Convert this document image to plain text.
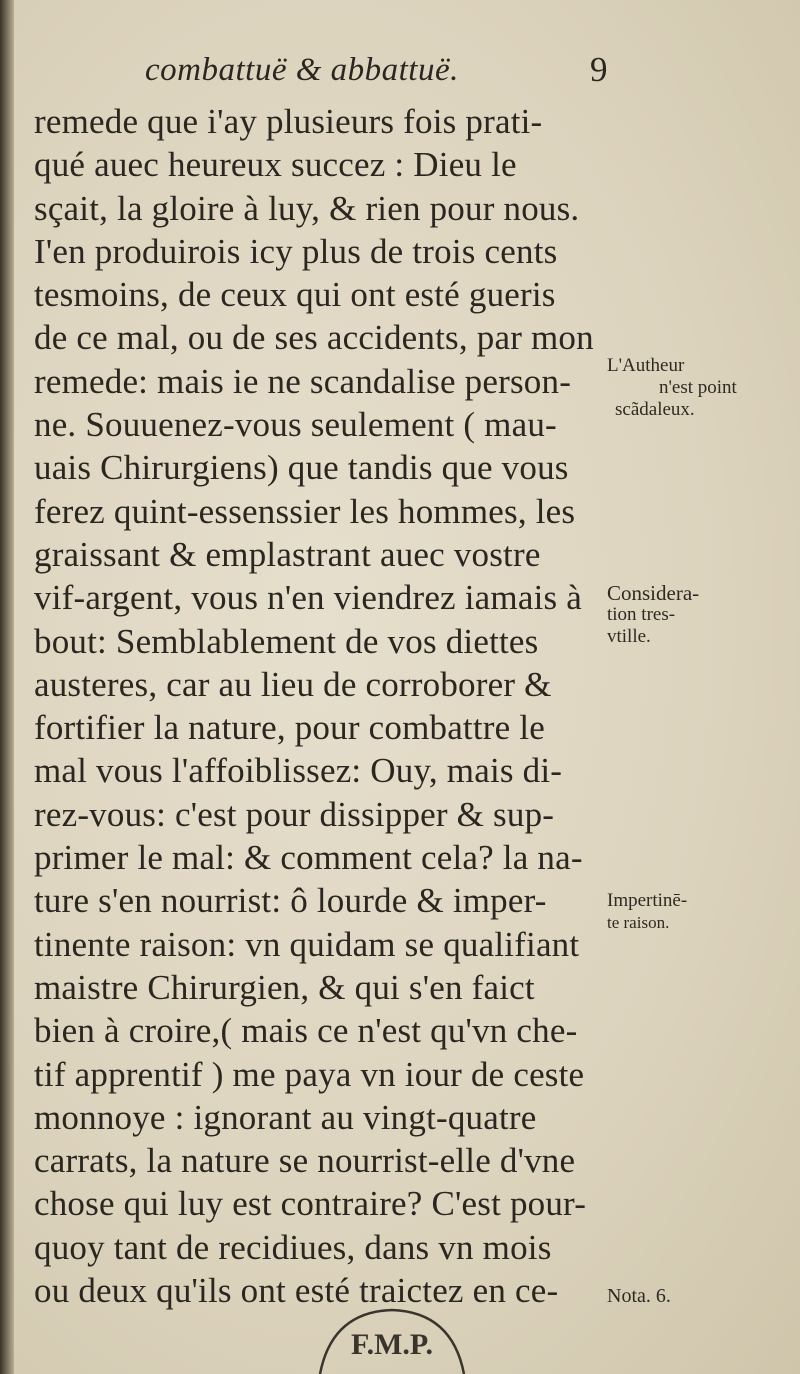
combattuë & abbattuë.	9
remede que i'ay plusieurs fois prati-
qué auec heureux succez : Dieu le
sçait, la gloire à luy, & rien pour nous.
I'en produirois icy plus de trois cents
tesmoins, de ceux qui ont esté gueris
de ce mal, ou de ses accidents, par mon
remede: mais ie ne scandalise person-
ne. Souuenez-vous seulement ( mau-
uais Chirurgiens) que tandis que vous
ferez quint-essenssier les hommes, les
graissant & emplastrant auec vostre
vif-argent, vous n'en viendrez iamais à
bout: Semblablement de vos diettes
austeres, car au lieu de corroborer &
fortifier la nature, pour combattre le
mal vous l'affoiblissez: Ouy, mais di-
rez-vous: c'est pour dissipper & sup-
primer le mal: & comment cela? la na-
ture s'en nourrist: ô lourde & imper-
tinente raison: vn quidam se qualifiant
maistre Chirurgien, & qui s'en faict
bien à croire,( mais ce n'est qu'vn che-
tif apprentif ) me paya vn iour de ceste
monnoye : ignorant au vingt-quatre
carrats, la nature se nourrist-elle d'vne
chose qui luy est contraire? C'est pour-
quoy tant de recidiues, dans vn mois
ou deux qu'ils ont esté traictez en ce-
L'Autheur
n'est point
scãdaleux.
Considera-
tion tres-
vtille.
Impertinē-
te raison.
Nota. 6.
F.M.P.
